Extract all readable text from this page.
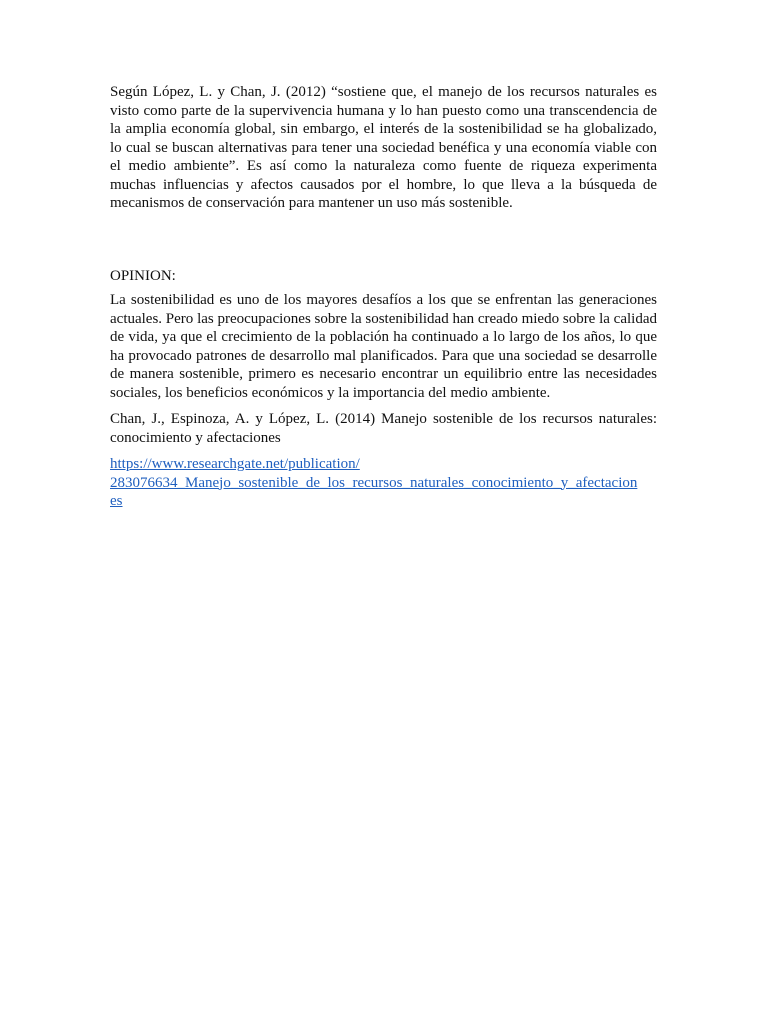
Según López, L. y Chan, J. (2012) “sostiene que, el manejo de los recursos naturales es visto como parte de la supervivencia humana y lo han puesto como una transcendencia de la amplia economía global, sin embargo, el interés de la sostenibilidad se ha globalizado, lo cual se buscan alternativas para tener una sociedad benéfica y una economía viable con el medio ambiente”. Es así como la naturaleza como fuente de riqueza experimenta muchas influencias y afectos causados por el hombre, lo que lleva a la búsqueda de mecanismos de conservación para mantener un uso más sostenible.

OPINION:

La sostenibilidad es uno de los mayores desafíos a los que se enfrentan las generaciones actuales. Pero las preocupaciones sobre la sostenibilidad han creado miedo sobre la calidad de vida, ya que el crecimiento de la población ha continuado a lo largo de los años, lo que ha provocado patrones de desarrollo mal planificados. Para que una sociedad se desarrolle de manera sostenible, primero es necesario encontrar un equilibrio entre las necesidades sociales, los beneficios económicos y la importancia del medio ambiente.

Chan, J., Espinoza, A. y López, L. (2014) Manejo sostenible de los recursos naturales: conocimiento y afectaciones

https://www.researchgate.net/publication/
283076634_Manejo_sostenible_de_los_recursos_naturales_conocimiento_y_afectacion
es
